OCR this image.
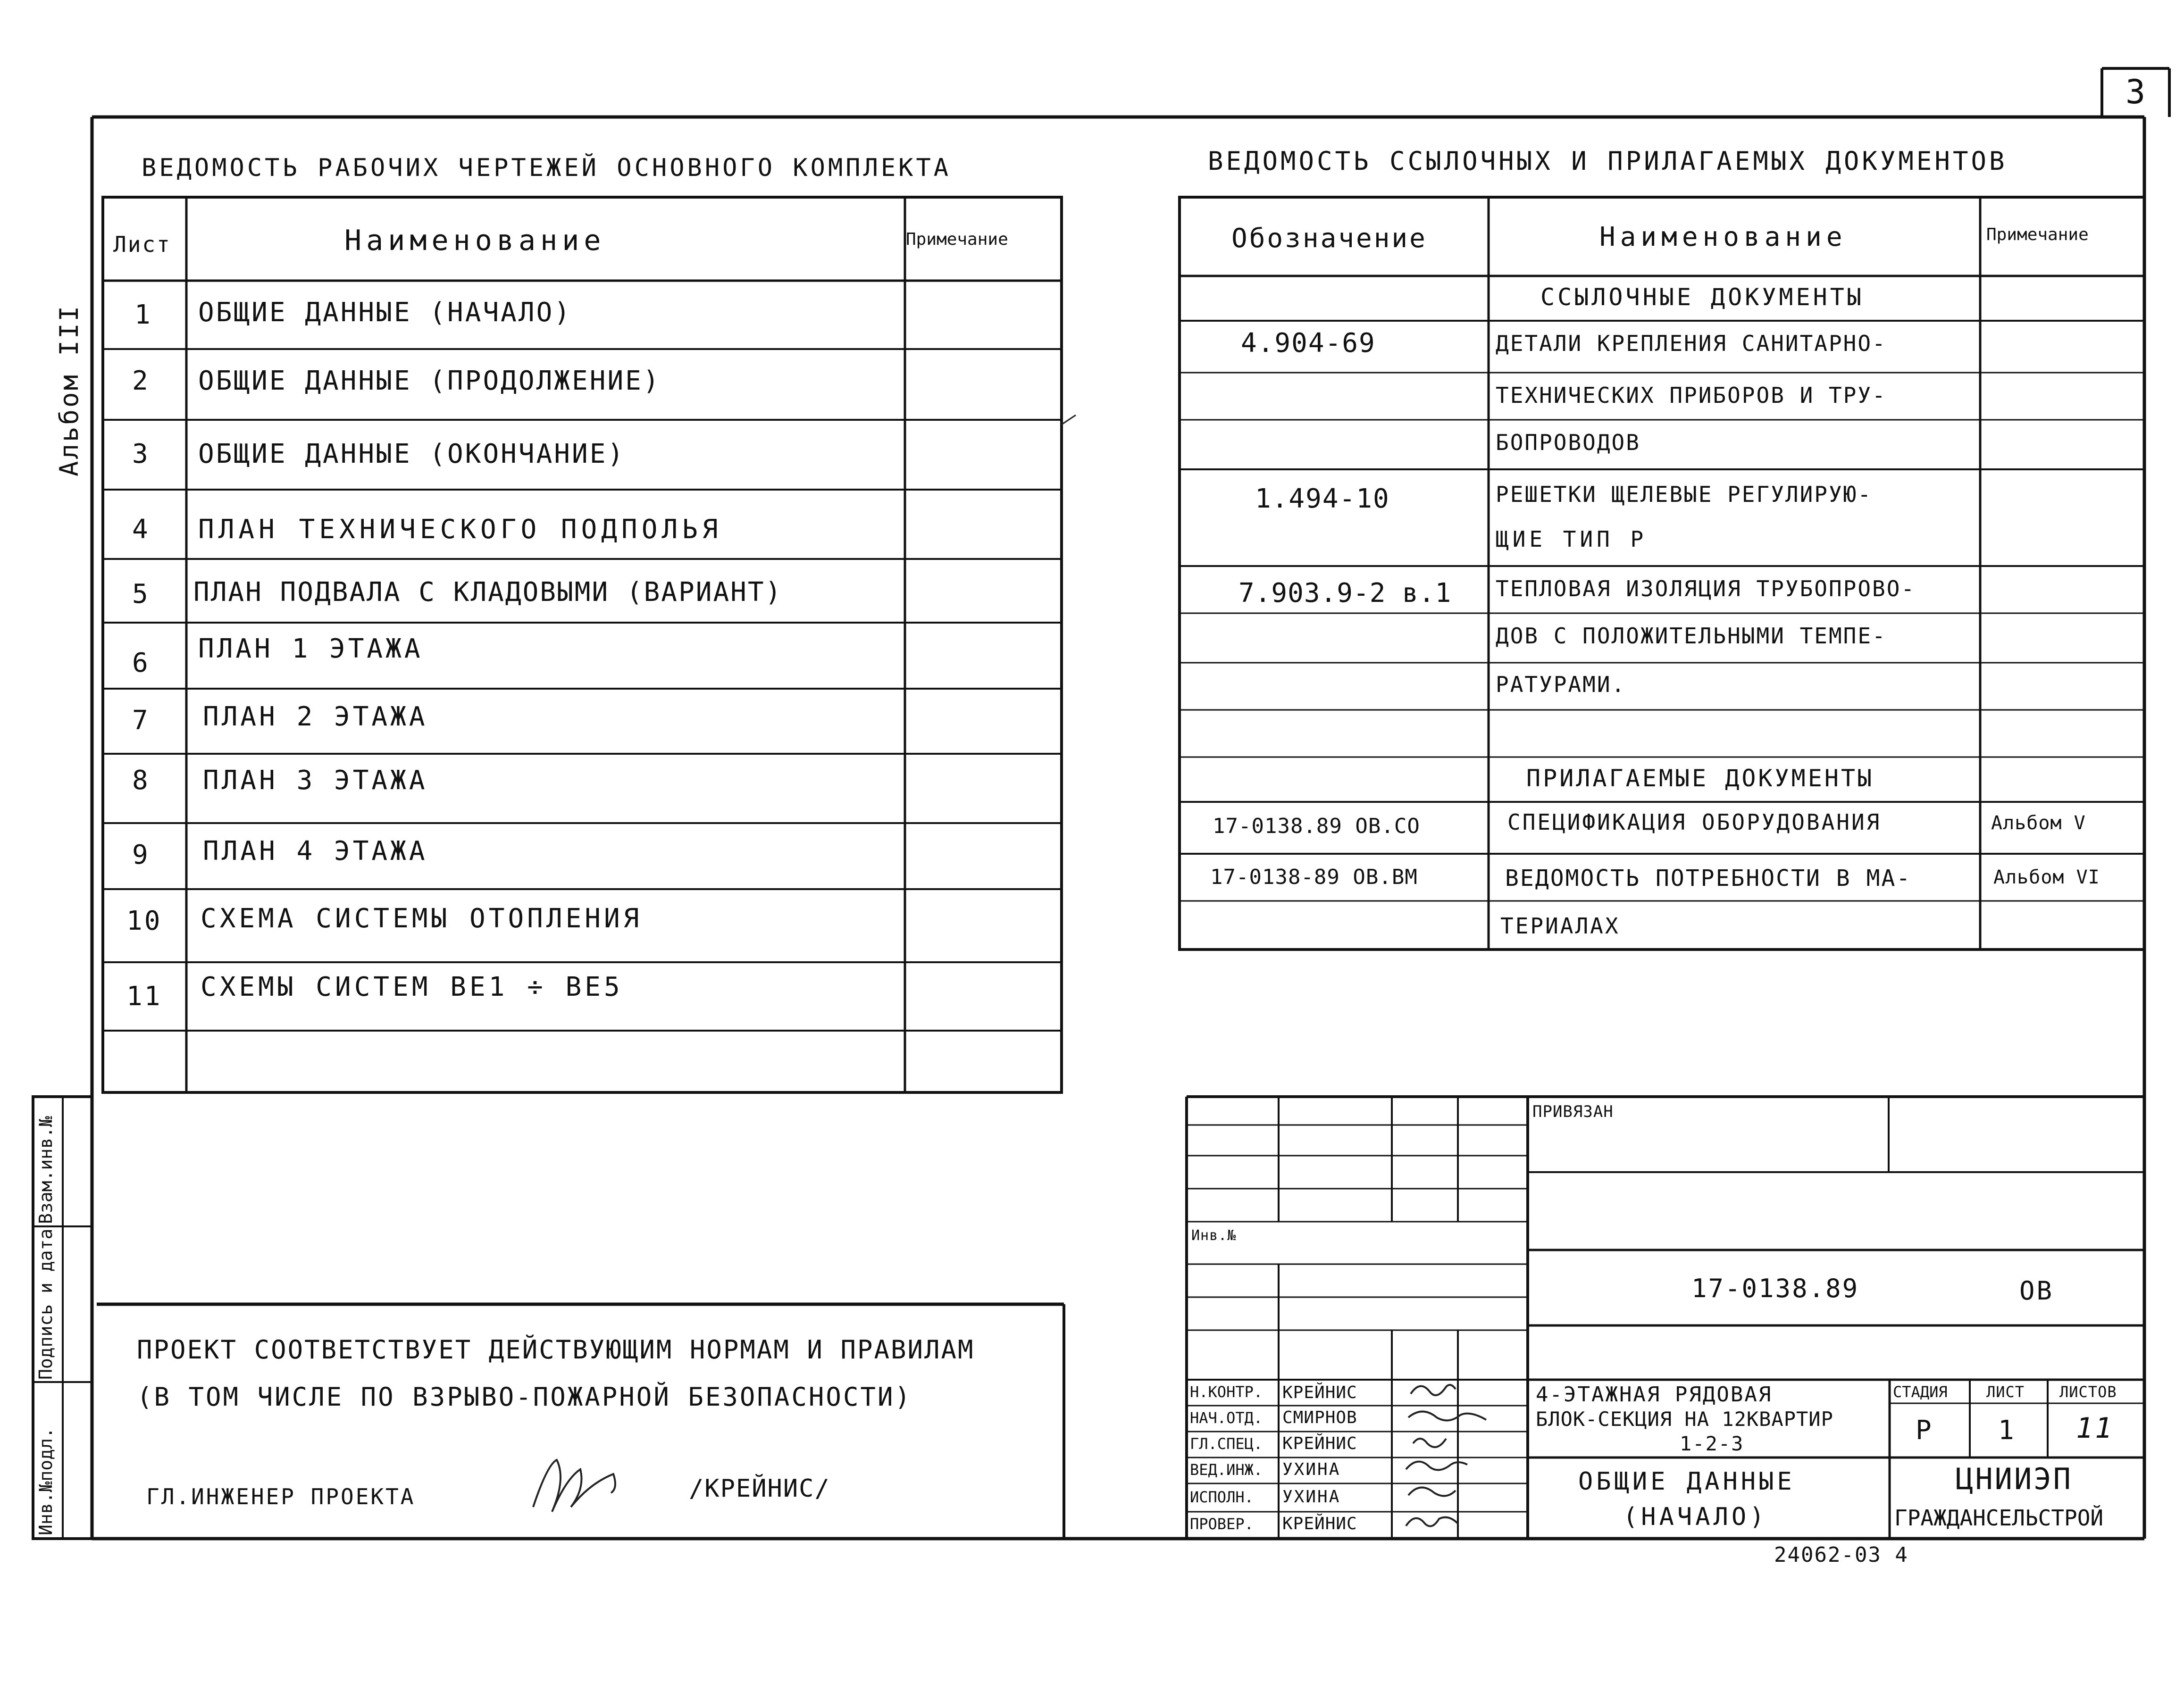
3
Альбом III
ВЕДОМОСТЬ РАБОЧИХ ЧЕРТЕЖЕЙ ОСНОВНОГО КОМПЛЕКТА
Лист	Наименование	Примечание
1 ОБЩИЕ ДАННЫЕ (НАЧАЛО)
2 ОБЩИЕ ДАННЫЕ (ПРОДОЛЖЕНИЕ)
3 ОБЩИЕ ДАННЫЕ (ОКОНЧАНИЕ)
4 ПЛАН ТЕХНИЧЕСКОГО ПОДПОЛЬЯ
5 ПЛАН ПОДВАЛА С КЛАДОВЫМИ (ВАРИАНТ)
6 ПЛАН 1 ЭТАЖА
7 ПЛАН 2 ЭТАЖА
8 ПЛАН 3 ЭТАЖА
9 ПЛАН 4 ЭТАЖА
10 СХЕМА СИСТЕМЫ ОТОПЛЕНИЯ
11 СХЕМЫ СИСТЕМ ВЕ1 ÷ ВЕ5
ВЕДОМОСТЬ ССЫЛОЧНЫХ И ПРИЛАГАЕМЫХ ДОКУМЕНТОВ
Обозначение	Наименование	Примечание
ССЫЛОЧНЫЕ ДОКУМЕНТЫ
4.904-69	ДЕТАЛИ КРЕПЛЕНИЯ САНИТАРНО-
ТЕХНИЧЕСКИХ ПРИБОРОВ И ТРУ-
БОПРОВОДОВ
1.494-10	РЕШЕТКИ ЩЕЛЕВЫЕ РЕГУЛИРУЮ-
ЩИЕ ТИП Р
7.903.9-2 в.1 ТЕПЛОВАЯ ИЗОЛЯЦИЯ ТРУБОПРОВО-
ДОВ С ПОЛОЖИТЕЛЬНЫМИ ТЕМПЕ-
РАТУРАМИ.
ПРИЛАГАЕМЫЕ ДОКУМЕНТЫ
17-0138.89 ОВ.СО	СПЕЦИФИКАЦИЯ ОБОРУДОВАНИЯ	Альбом V
17-0138-89 ОВ.ВМ	ВЕДОМОСТЬ ПОТРЕБНОСТИ В МА-	Альбом VI
ТЕРИАЛАХ
ПРОЕКТ СООТВЕТСТВУЕТ ДЕЙСТВУЮЩИМ НОРМАМ И ПРАВИЛАМ
(В ТОМ ЧИСЛЕ ПО ВЗРЫВО-ПОЖАРНОЙ БЕЗОПАСНОСТИ)
ГЛ.ИНЖЕНЕР ПРОЕКТА	/КРЕЙНИС/
Инв.№подл.
Подпись и дата
Взам.инв.№
ПРИВЯЗАН
Инв.№
17-0138.89	ОВ
Н.КОНТР. КРЕЙНИС
НАЧ.ОТД. СМИРНОВ
ГЛ.СПЕЦ. КРЕЙНИС
ВЕД.ИНЖ. УХИНА
ИСПОЛН. УХИНА
ПРОВЕР. КРЕЙНИС
4-ЭТАЖНАЯ РЯДОВАЯ
БЛОК-СЕКЦИЯ НА 12КВАРТИР
1-2-3
ОБЩИЕ ДАННЫЕ
(НАЧАЛО)
СТАДИЯ	ЛИСТ ЛИСТОВ
Р 1 11
ЦНИИЭП
ГРАЖДАНСЕЛЬСТРОЙ
24062-03 4
